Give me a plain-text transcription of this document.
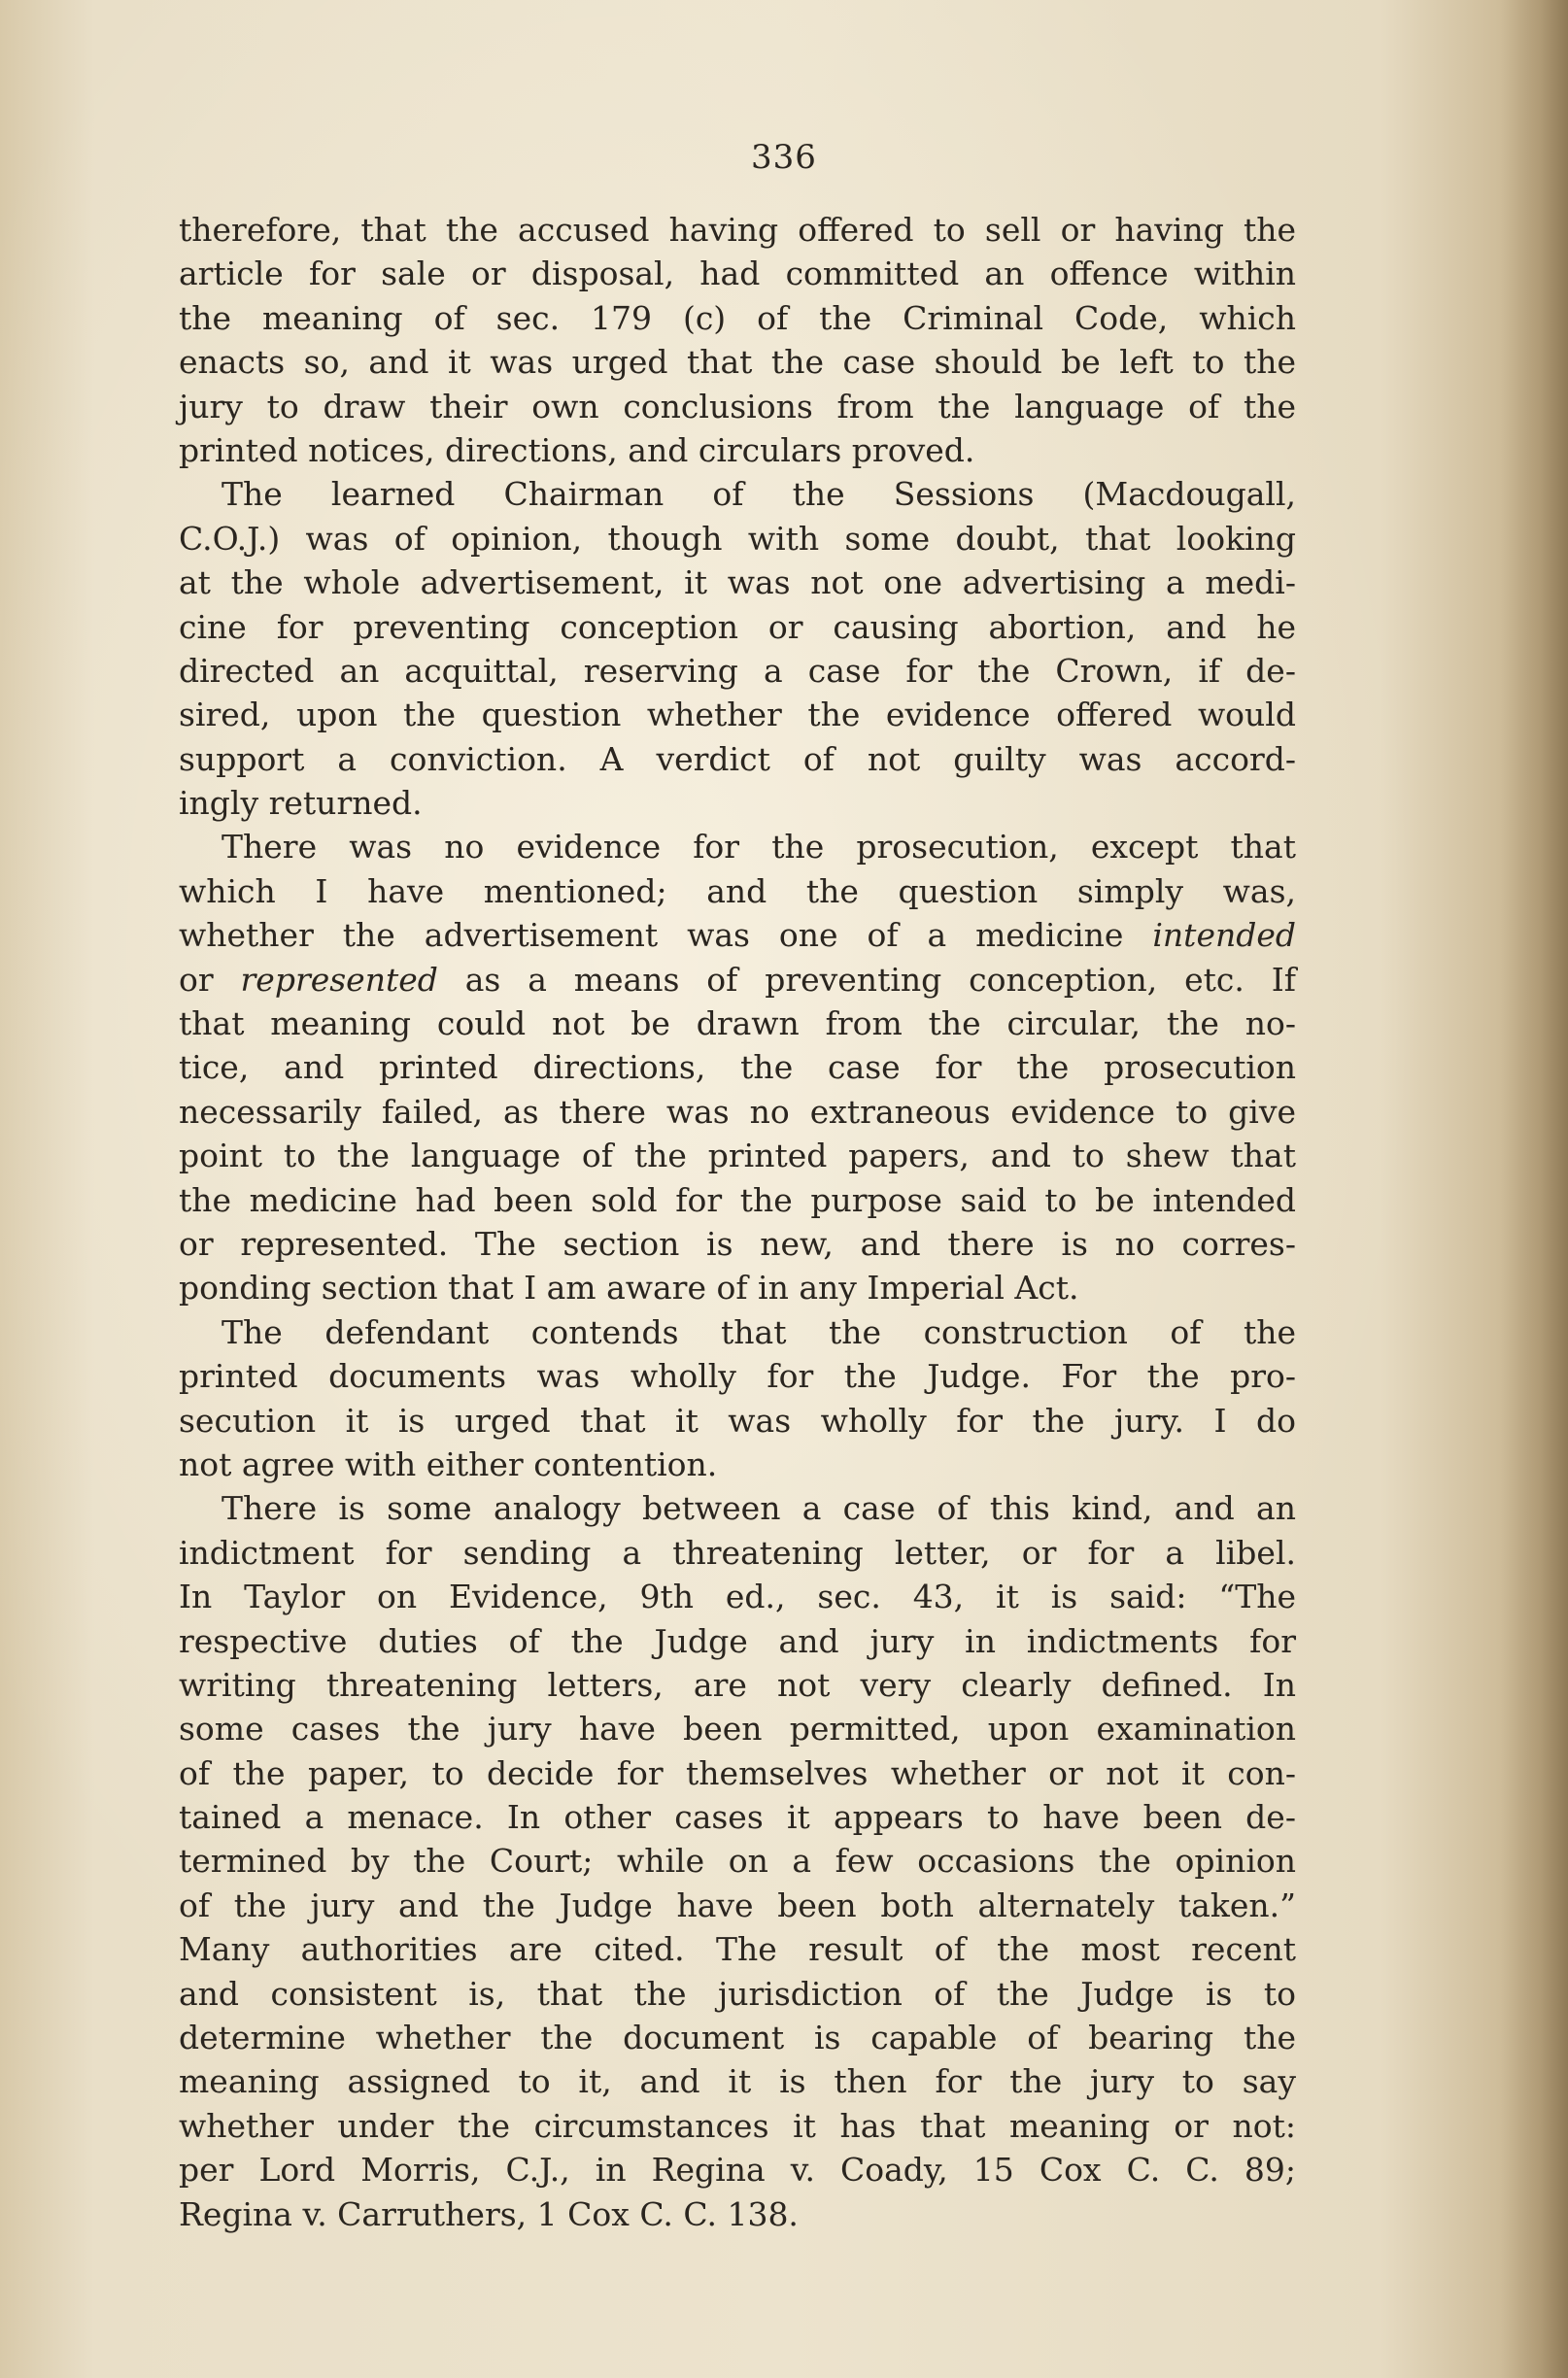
336
therefore, that the accused having offered to sell or having the
article for sale or disposal, had committed an offence within
the meaning of sec. 179 (c) of the Criminal Code, which
enacts so, and it was urged that the case should be left to the
jury to draw their own conclusions from the language of the
printed notices, directions, and circulars proved.
The learned Chairman of the Sessions (Macdougall,
C.O.J.) was of opinion, though with some doubt, that looking
at the whole advertisement, it was not one advertising a medi-
cine for preventing conception or causing abortion, and he
directed an acquittal, reserving a case for the Crown, if de-
sired, upon the question whether the evidence offered would
support a conviction. A verdict of not guilty was accord-
ingly returned.
There was no evidence for the prosecution, except that
which I have mentioned; and the question simply was,
whether the advertisement was one of a medicine intended
or represented as a means of preventing conception, etc. If
that meaning could not be drawn from the circular, the no-
tice, and printed directions, the case for the prosecution
necessarily failed, as there was no extraneous evidence to give
point to the language of the printed papers, and to shew that
the medicine had been sold for the purpose said to be intended
or represented. The section is new, and there is no corres-
ponding section that I am aware of in any Imperial Act.
The defendant contends that the construction of the
printed documents was wholly for the Judge. For the pro-
secution it is urged that it was wholly for the jury. I do
not agree with either contention.
There is some analogy between a case of this kind, and an
indictment for sending a threatening letter, or for a libel.
In Taylor on Evidence, 9th ed., sec. 43, it is said: “The
respective duties of the Judge and jury in indictments for
writing threatening letters, are not very clearly defined. In
some cases the jury have been permitted, upon examination
of the paper, to decide for themselves whether or not it con-
tained a menace. In other cases it appears to have been de-
termined by the Court; while on a few occasions the opinion
of the jury and the Judge have been both alternately taken.”
Many authorities are cited. The result of the most recent
and consistent is, that the jurisdiction of the Judge is to
determine whether the document is capable of bearing the
meaning assigned to it, and it is then for the jury to say
whether under the circumstances it has that meaning or not:
per Lord Morris, C.J., in Regina v. Coady, 15 Cox C. C. 89;
Regina v. Carruthers, 1 Cox C. C. 138.
